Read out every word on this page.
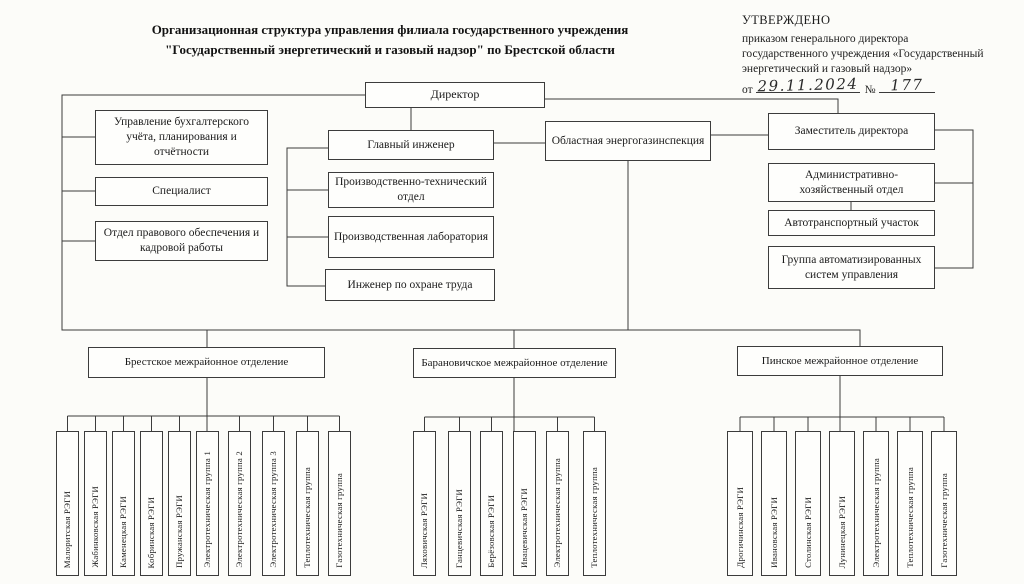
Организационная структура управления филиала государственного учреждения
"Государственный энергетический и газовый надзор" по Брестской области
УТВЕРЖДЕНО
приказом генерального директора
государственного учреждения «Государственный
энергетический и газовый надзор»
от 29.11.2024 № 177
Директор
Управление бухгалтерского учёта, планирования и отчётности
Специалист
Отдел правового обеспечения и кадровой работы
Главный инженер
Производственно-технический отдел
Производственная лаборатория
Инженер по охране труда
Областная энергогазинспекция
Заместитель директора
Административно-хозяйственный отдел
Автотранспортный участок
Группа автоматизированных систем управления
Брестское межрайонное отделение	Барановичское межрайонное отделение	Пинское межрайонное отделение
Малоритская РЭГИ Жабинковская РЭГИ Каменецкая РЭГИ Кобринская РЭГИ Пружанская РЭГИ Электротехническая группа 1	Электротехническая группа 2	Электротехническая группа 3	Теплотехническая группа	Газотехническая группа	Ляховичская РЭГИ	Ганцевичская РЭГИ	Берёзовская РЭГИ	Ивацевичская РЭГИ	Электротехническая группа	Теплотехническая группа	Дрогичинская РЭГИ	Ивановская РЭГИ	Столинская РЭГИ	Лунинецкая РЭГИ	Электротехническая группа	Теплотехническая группа	Газотехническая группа
